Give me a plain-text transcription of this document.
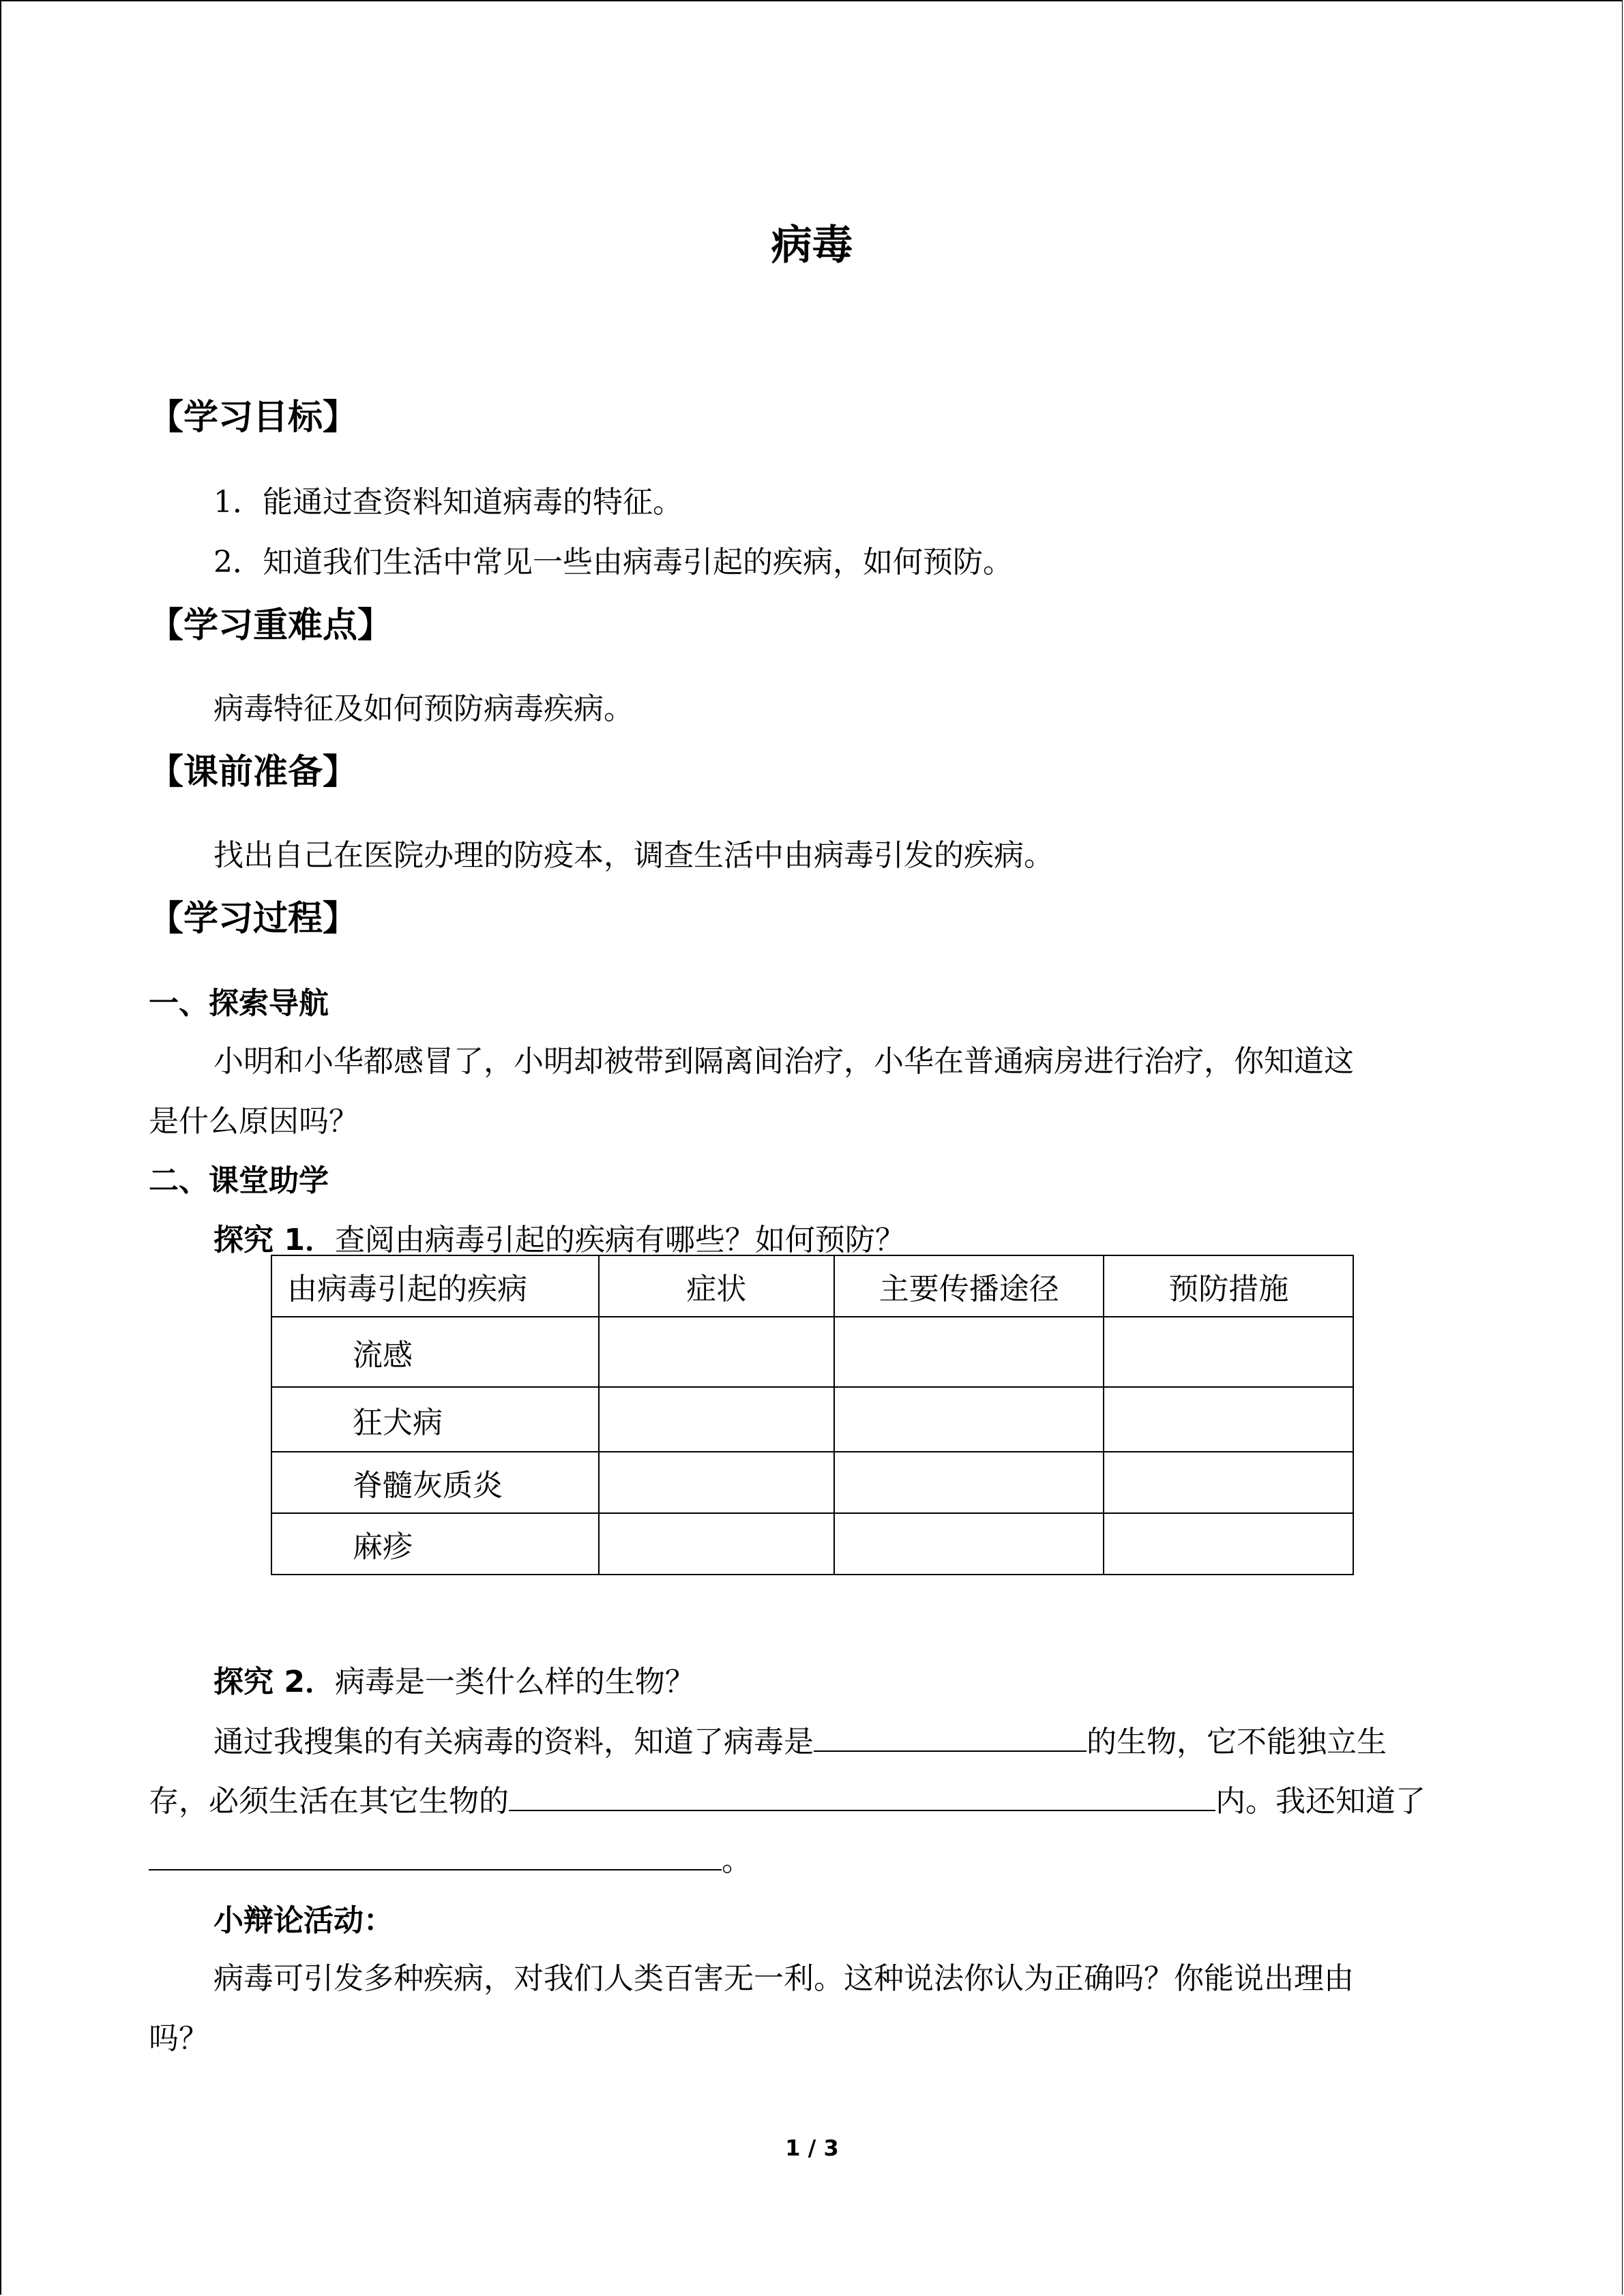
病毒
【学习目标】
1．能通过查资料知道病毒的特征。
2．知道我们生活中常见一些由病毒引起的疾病，如何预防。
【学习重难点】
病毒特征及如何预防病毒疾病。
【课前准备】
找出自己在医院办理的防疫本，调查生活中由病毒引发的疾病。
【学习过程】
一、探索导航
小明和小华都感冒了，小明却被带到隔离间治疗，小华在普通病房进行治疗，你知道这
是什么原因吗？
二、课堂助学
探究 1．查阅由病毒引起的疾病有哪些？如何预防？
由病毒引起的疾病	症状	主要传播途径	预防措施
流感			
狂犬病			
脊髓灰质炎			
麻疹			
探究 2．病毒是一类什么样的生物？
通过我搜集的有关病毒的资料，知道了病毒是	的生物，它不能独立生
存，必须生活在其它生物的	内。我还知道了
。
小辩论活动：
病毒可引发多种疾病，对我们人类百害无一利。这种说法你认为正确吗？你能说出理由
吗？
1 / 3
